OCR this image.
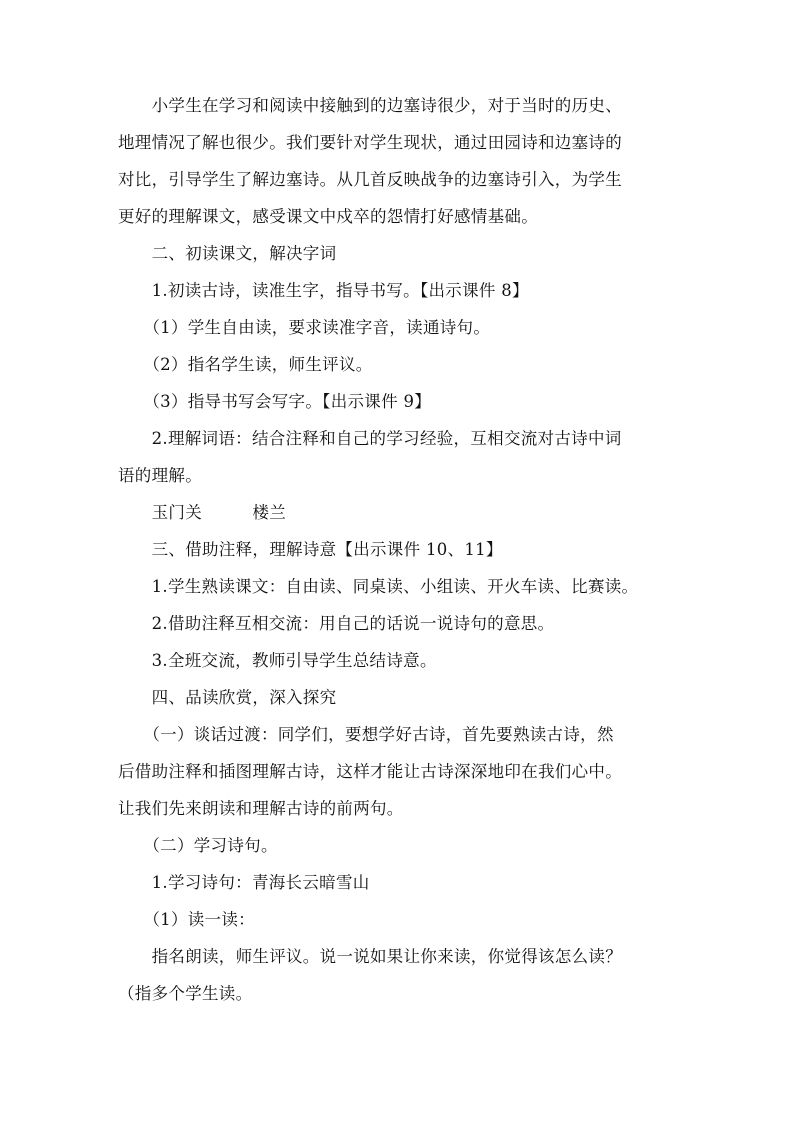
　　小学生在学习和阅读中接触到的边塞诗很少，对于当时的历史、
地理情况了解也很少。我们要针对学生现状，通过田园诗和边塞诗的
对比，引导学生了解边塞诗。从几首反映战争的边塞诗引入，为学生
更好的理解课文，感受课文中戍卒的怨情打好感情基础。
　　二、初读课文，解决字词
　　1.初读古诗，读准生字，指导书写。【出示课件 8】
　　（1）学生自由读，要求读准字音，读通诗句。
　　（2）指名学生读，师生评议。
　　（3）指导书写会写字。【出示课件 9】
　　2.理解词语：结合注释和自己的学习经验，互相交流对古诗中词
语的理解。
　　玉门关　　　楼兰
　　三、借助注释，理解诗意【出示课件 10、11】
　　1.学生熟读课文：自由读、同桌读、小组读、开火车读、比赛读。
　　2.借助注释互相交流：用自己的话说一说诗句的意思。
　　3.全班交流，教师引导学生总结诗意。
　　四、品读欣赏，深入探究
　　（一）谈话过渡：同学们，要想学好古诗，首先要熟读古诗，然
后借助注释和插图理解古诗，这样才能让古诗深深地印在我们心中。
让我们先来朗读和理解古诗的前两句。
　　（二）学习诗句。
　　1.学习诗句：青海长云暗雪山
　　（1）读一读：
　　指名朗读，师生评议。说一说如果让你来读，你觉得该怎么读？
（指多个学生读。
